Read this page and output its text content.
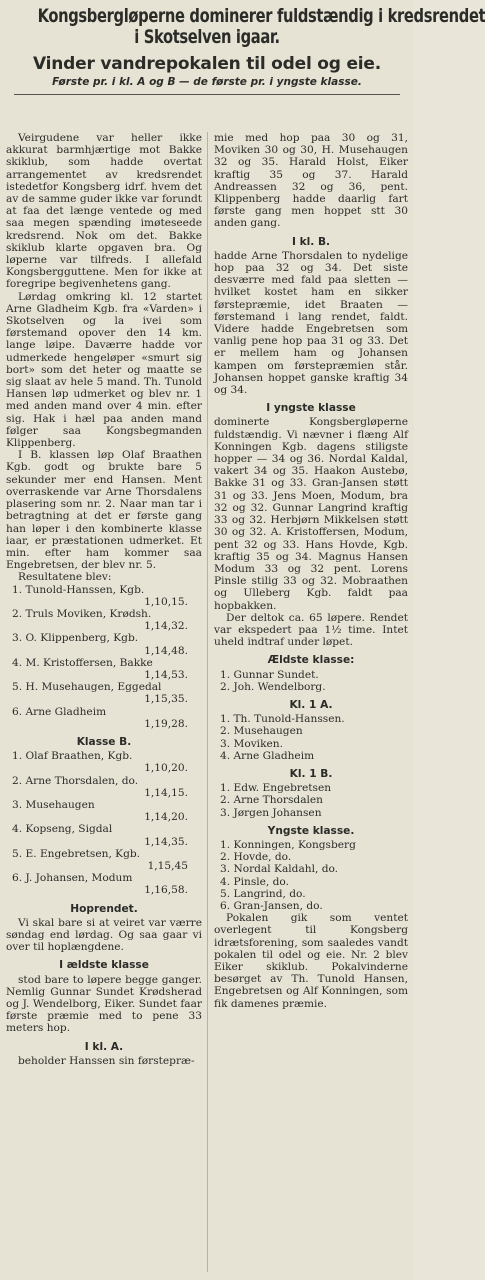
Kongsbergløperne dominerer fuldstændig i kredsrendet
i Skotselven igaar.
Vinder vandrepokalen til odel og eie.
Første pr. i kl. A og B — de første pr. i yngste klasse.

Veirgudene var heller ikke akkurat barmhjærtige mot Bakke skiklub, som hadde overtat arrangementet av kredsrendet istedetfor Kongsberg idrf. hvem det av de samme guder ikke var forundt at faa det længe ventede og med saa megen spænding imøteseede kredsrend. Nok om det. Bakke skiklub klarte opgaven bra. Og løperne var tilfreds. I allefald Kongsbergguttene. Men for ikke at foregripe begivenhetens gang.

Lørdag omkring kl. 12 startet Arne Gladheim Kgb. fra «Varden» i Skotselven og la ivei som førstemand opover den 14 km. lange løipe. Daværre hadde vor udmerkede hengeløper «smurt sig bort» som det heter og maatte se sig slaat av hele 5 mand. Th. Tunold Hansen løp udmerket og blev nr. 1 med anden mand over 4 min. efter sig. Hak i hæl paa anden mand følger saa Kongsbegmanden Klippenberg.

I B. klassen løp Olaf Braathen Kgb. godt og brukte bare 5 sekunder mer end Hansen. Ment overraskende var Arne Thorsdalens plasering som nr. 2. Naar man tar i betragtning at det er første gang han løper i den kombinerte klasse iaar, er præstationen udmerket. Et min. efter ham kommer saa Engebretsen, der blev nr. 5.

Resultatene blev:

1. Tunold-Hanssen, Kgb.
1,10,15.
2. Truls Moviken, Krødsh.
1,14,32.
3. O. Klippenberg, Kgb.
1,14,48.
4. M. Kristoffersen, Bakke
1,14,53.
5. H. Musehaugen, Eggedal
1,15,35.
6. Arne Gladheim
1,19,28.
Klasse B.
1. Olaf Braathen, Kgb.
1,10,20.
2. Arne Thorsdalen, do.
1,14,15.
3. Musehaugen
1,14,20.
4. Kopseng, Sigdal
1,14,35.
5. E. Engebretsen, Kgb.
1,15,45
6. J. Johansen, Modum
1,16,58.
Hoprendet.

Vi skal bare si at veiret var værre søndag end lørdag. Og saa gaar vi over til hoplængdene.

I ældste klasse

stod bare to løpere begge ganger. Nemlig Gunnar Sundet Krødsherad og J. Wendelborg, Eiker. Sundet faar første præmie med to pene 33 meters hop.

I kl. A.

beholder Hanssen sin førstepræ-

mie med hop paa 30 og 31, Moviken 30 og 30, H. Musehaugen 32 og 35. Harald Holst, Eiker kraftig 35 og 37. Harald Andreassen 32 og 36, pent. Klippenberg hadde daarlig fart første gang men hoppet stt 30 anden gang.

I kl. B.

hadde Arne Thorsdalen to nydelige hop paa 32 og 34. Det siste desværre med fald paa sletten — hvilket kostet ham en sikker førstepræmie, idet Braaten — førstemand i lang rendet, faldt. Videre hadde Engebretsen som vanlig pene hop paa 31 og 33. Det er mellem ham og Johansen kampen om førstepræmien står. Johansen hoppet ganske kraftig 34 og 34.

I yngste klasse

dominerte Kongsbergløperne fuldstændig. Vi nævner i flæng Alf Konningen Kgb. dagens stiligste hopper — 34 og 36. Nordal Kaldal, vakert 34 og 35. Haakon Austebø, Bakke 31 og 33. Gran-Jansen støtt 31 og 33. Jens Moen, Modum, bra 32 og 32. Gunnar Langrind kraftig 33 og 32. Herbjørn Mikkelsen støtt 30 og 32. A. Kristoffersen, Modum, pent 32 og 33. Hans Hovde, Kgb. kraftig 35 og 34. Magnus Hansen Modum 33 og 32 pent. Lorens Pinsle stilig 33 og 32. Mobraathen og Ulleberg Kgb. faldt paa hopbakken.

Der deltok ca. 65 løpere. Rendet var ekspedert paa 1½ time. Intet uheld indtraf under løpet.

Ældste klasse:
1. Gunnar Sundet.
2. Joh. Wendelborg.
Kl. 1 A.
1. Th. Tunold-Hanssen.
2. Musehaugen
3. Moviken.
4. Arne Gladheim
Kl. 1 B.
1. Edw. Engebretsen
2. Arne Thorsdalen
3. Jørgen Johansen
Yngste klasse.
1. Konningen, Kongsberg
2. Hovde, do.
3. Nordal Kaldahl, do.
4. Pinsle, do.
5. Langrind, do.
6. Gran-Jansen, do.

Pokalen gik som ventet overlegent til Kongsberg idrætsforening, som saaledes vandt pokalen til odel og eie. Nr. 2 blev Eiker skiklub. Pokalvinderne besørget av Th. Tunold Hansen, Engebretsen og Alf Konningen, som fik damenes præmie.
